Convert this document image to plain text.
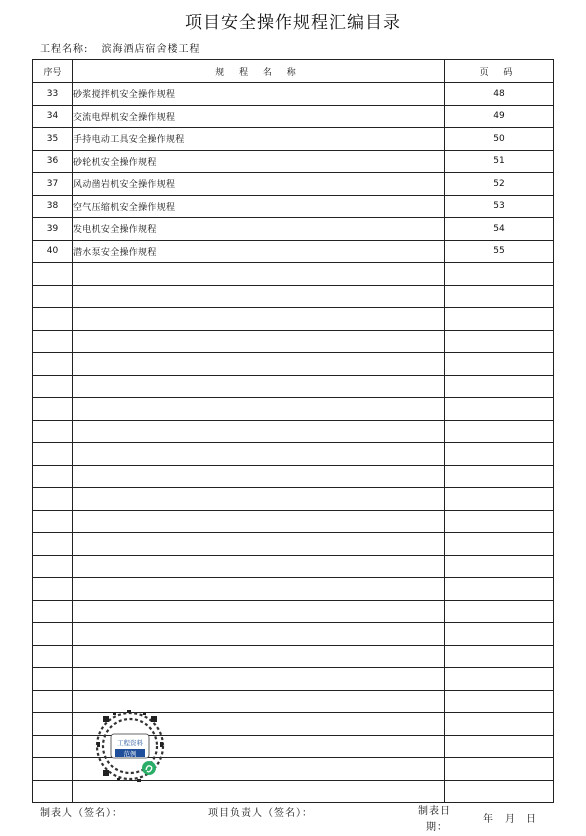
项目安全操作规程汇编目录
工程名称: 滨海酒店宿舍楼工程
序号	规 程 名 称	页 码
33	砂浆搅拌机安全操作规程	48
34	交流电焊机安全操作规程	49
35	手持电动工具安全操作规程	50
36	砂轮机安全操作规程	51
37	风动凿岩机安全操作规程	52
38	空气压缩机安全操作规程	53
39	发电机安全操作规程	54
40	潜水泵安全操作规程	55

工程资料
范例
制表人（签名）：	项目负责人（签名）：	制表日
期：
年 月 日
